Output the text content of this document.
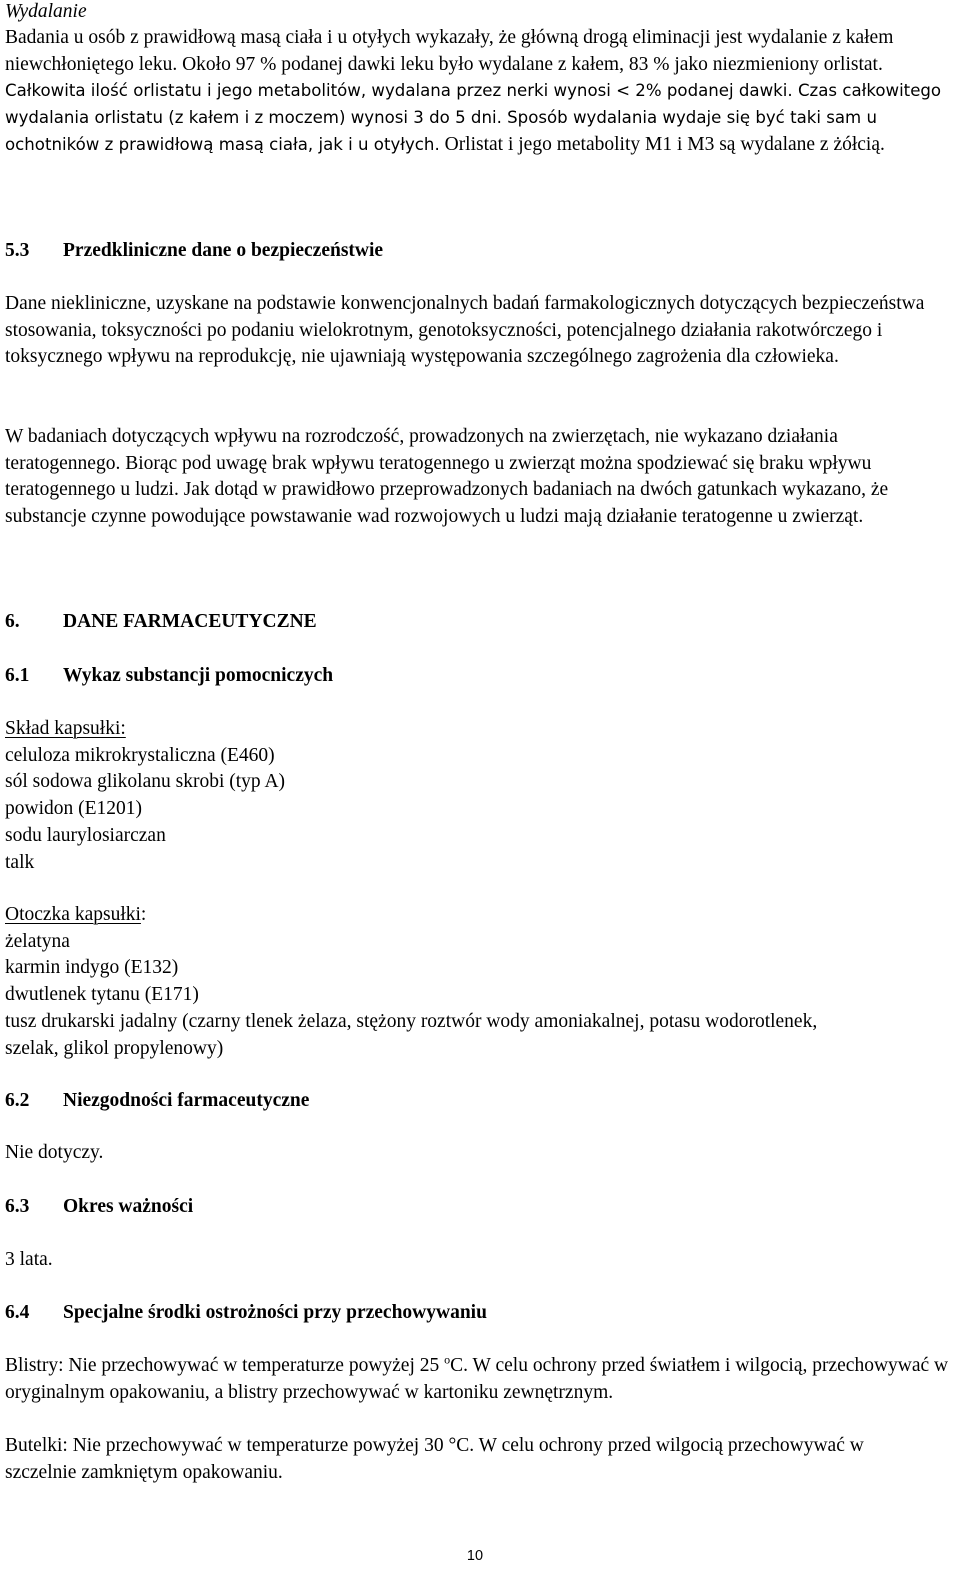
Wydalanie

Badania u osób z prawidłową masą ciała i u otyłych wykazały, że główną drogą eliminacji jest wydalanie z kałem niewchłoniętego leku. Około 97 % podanej dawki leku było wydalane z kałem, 83 % jako niezmieniony orlistat. Całkowita ilość orlistatu i jego metabolitów, wydalana przez nerki wynosi < 2% podanej dawki. Czas całkowitego wydalania orlistatu (z kałem i z moczem) wynosi 3 do 5 dni. Sposób wydalania wydaje się być taki sam u ochotników z prawidłową masą ciała, jak i u otyłych. Orlistat i jego metabolity M1 i M3 są wydalane z żółcią.

5.3 Przedkliniczne dane o bezpieczeństwie

Dane niekliniczne, uzyskane na podstawie konwencjonalnych badań farmakologicznych dotyczących bezpieczeństwa stosowania, toksyczności po podaniu wielokrotnym, genotoksyczności, potencjalnego działania rakotwórczego i toksycznego wpływu na reprodukcję, nie ujawniają występowania szczególnego zagrożenia dla człowieka.

W badaniach dotyczących wpływu na rozrodczość, prowadzonych na zwierzętach, nie wykazano działania teratogennego. Biorąc pod uwagę brak wpływu teratogennego u zwierząt można spodziewać się braku wpływu teratogennego u ludzi. Jak dotąd w prawidłowo przeprowadzonych badaniach na dwóch gatunkach wykazano, że substancje czynne powodujące powstawanie wad rozwojowych u ludzi mają działanie teratogenne u zwierząt.

6. DANE FARMACEUTYCZNE

6.1 Wykaz substancji pomocniczych

Skład kapsułki:

celuloza mikrokrystaliczna (E460)

sól sodowa glikolanu skrobi (typ A)

powidon (E1201)

sodu laurylosiarczan

talk

Otoczka kapsułki:

żelatyna

karmin indygo (E132)

dwutlenek tytanu (E171)

tusz drukarski jadalny (czarny tlenek żelaza, stężony roztwór wody amoniakalnej, potasu wodorotlenek, szelak, glikol propylenowy)

6.2 Niezgodności farmaceutyczne

Nie dotyczy.

6.3 Okres ważności

3 lata.

6.4 Specjalne środki ostrożności przy przechowywaniu

Blistry: Nie przechowywać w temperaturze powyżej 25 $^o$C. W celu ochrony przed światłem i wilgocią, przechowywać w oryginalnym opakowaniu, a blistry przechowywać w kartoniku zewnętrznym.

Butelki: Nie przechowywać w temperaturze powyżej 30 °C. W celu ochrony przed wilgocią przechowywać w szczelnie zamkniętym opakowaniu.

10
